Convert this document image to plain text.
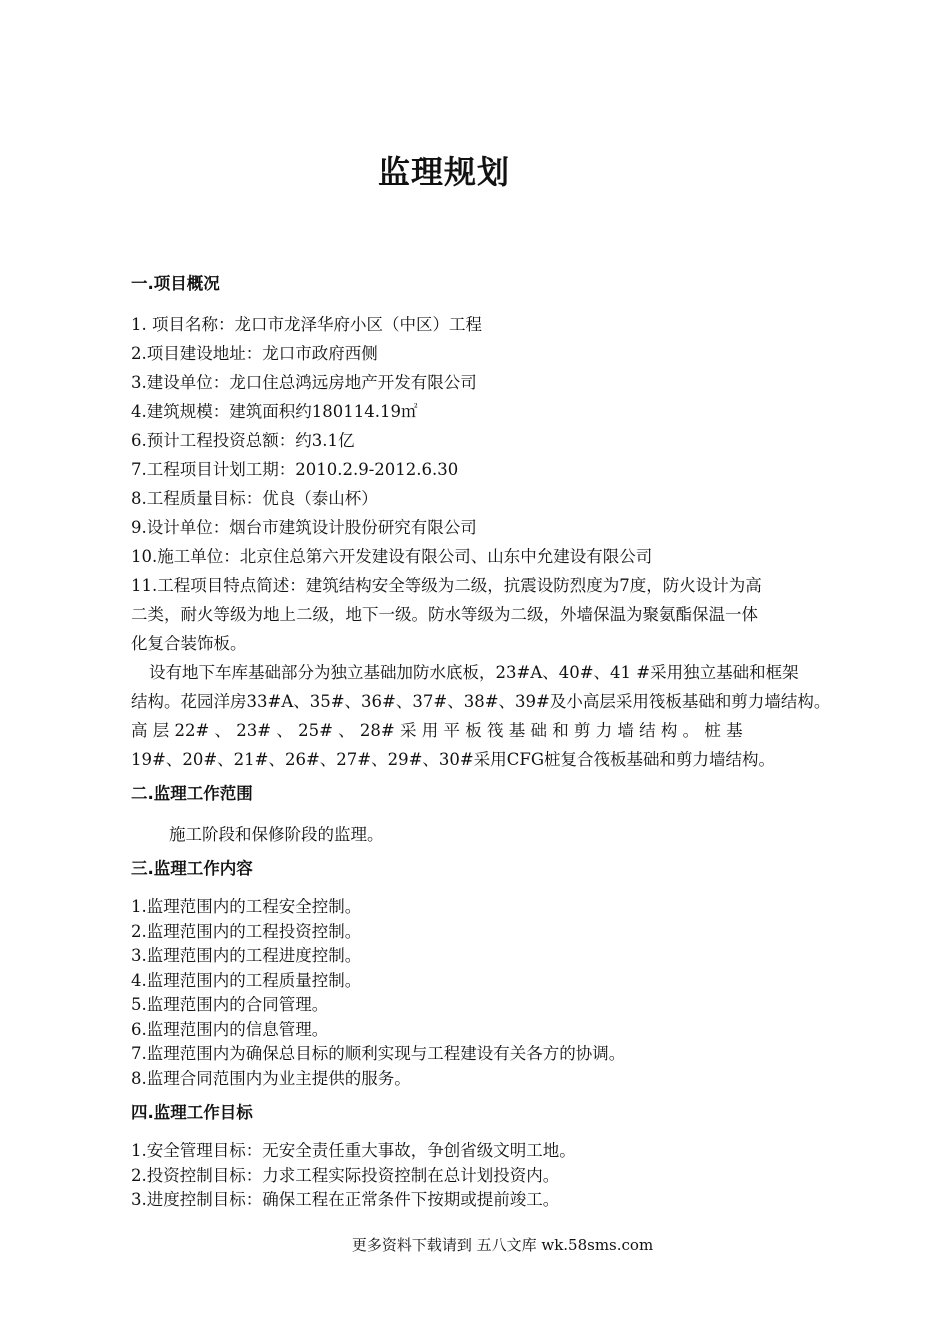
监理规划
一.项目概况
1. 项目名称：龙口市龙泽华府小区（中区）工程
2.项目建设地址：龙口市政府西侧
3.建设单位：龙口住总鸿远房地产开发有限公司
4.建筑规模：建筑面积约180114.19㎡
6.预计工程投资总额：约3.1亿
7.工程项目计划工期：2010.2.9-2012.6.30
8.工程质量目标：优良（泰山杯）
9.设计单位：烟台市建筑设计股份研究有限公司
10.施工单位：北京住总第六开发建设有限公司、山东中允建设有限公司
11.工程项目特点简述：建筑结构安全等级为二级，抗震设防烈度为7度，防火设计为高
二类，耐火等级为地上二级，地下一级。防水等级为二级，外墙保温为聚氨酯保温一体
化复合装饰板。
设有地下车库基础部分为独立基础加防水底板，23#A、40#、41 #采用独立基础和框架
结构。花园洋房33#A、35#、36#、37#、38#、39#及小高层采用筏板基础和剪力墙结构。
高 层 22# 、 23# 、 25# 、 28# 采 用 平 板 筏 基 础 和 剪 力 墙 结 构 。 桩 基
19#、20#、21#、26#、27#、29#、30#采用CFG桩复合筏板基础和剪力墙结构。
二.监理工作范围
施工阶段和保修阶段的监理。
三.监理工作内容
1.监理范围内的工程安全控制。
2.监理范围内的工程投资控制。
3.监理范围内的工程进度控制。
4.监理范围内的工程质量控制。
5.监理范围内的合同管理。
6.监理范围内的信息管理。
7.监理范围内为确保总目标的顺利实现与工程建设有关各方的协调。
8.监理合同范围内为业主提供的服务。
四.监理工作目标
1.安全管理目标：无安全责任重大事故，争创省级文明工地。
2.投资控制目标：力求工程实际投资控制在总计划投资内。
3.进度控制目标：确保工程在正常条件下按期或提前竣工。
更多资料下载请到 五八文库 wk.58sms.com
